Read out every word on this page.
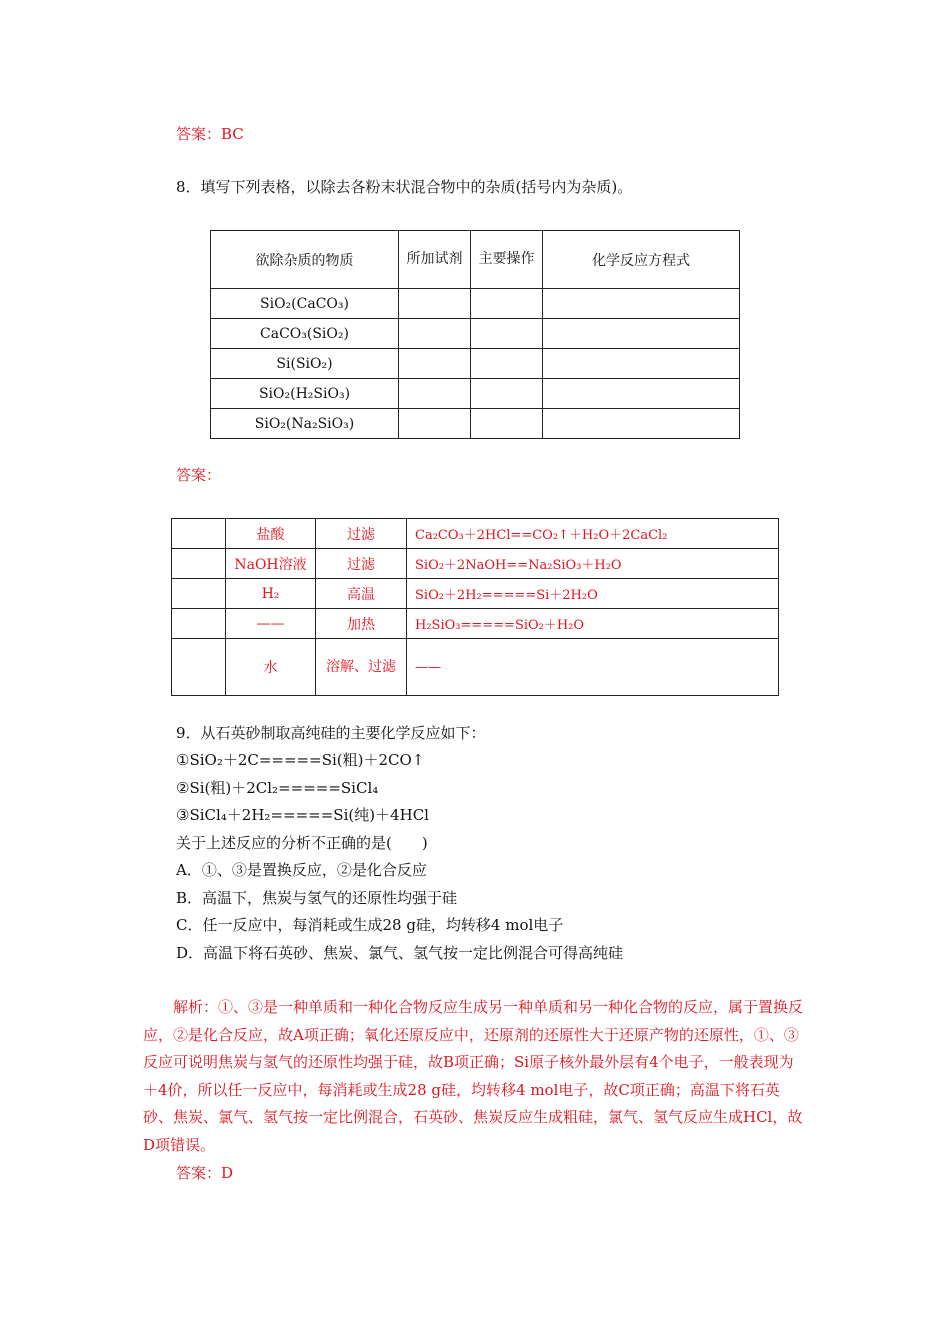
答案：BC
8．填写下列表格，以除去各粉末状混合物中的杂质(括号内为杂质)。
欲除杂质的物质	所加试剂	主要操作	化学反应方程式
SiO₂(CaCO₃)			
CaCO₃(SiO₂)			
Si(SiO₂)			
SiO₂(H₂SiO₃)			
SiO₂(Na₂SiO₃)			
答案：
	盐酸	过滤	Ca₂CO₃＋2HCl==CO₂↑＋H₂O＋2CaCl₂
	NaOH溶液	过滤	SiO₂＋2NaOH==Na₂SiO₃＋H₂O
	H₂	高温	SiO₂＋2H₂=====Si＋2H₂O
	——	加热	H₂SiO₃=====SiO₂＋H₂O
	水	溶解、过滤	——
9．从石英砂制取高纯硅的主要化学反应如下：
①SiO₂＋2C=====Si(粗)＋2CO↑
②Si(粗)＋2Cl₂=====SiCl₄
③SiCl₄＋2H₂=====Si(纯)＋4HCl
关于上述反应的分析不正确的是(　　)
A．①、③是置换反应，②是化合反应
B．高温下，焦炭与氢气的还原性均强于硅
C．任一反应中，每消耗或生成28 g硅，均转移4 mol电子
D．高温下将石英砂、焦炭、氯气、氢气按一定比例混合可得高纯硅
　　解析：①、③是一种单质和一种化合物反应生成另一种单质和另一种化合物的反应，属于置换反应，②是化合反应，故A项正确；氧化还原反应中，还原剂的还原性大于还原产物的还原性，①、③反应可说明焦炭与氢气的还原性均强于硅，故B项正确；Si原子核外最外层有4个电子，一般表现为＋4价，所以任一反应中，每消耗或生成28 g硅，均转移4 mol电子，故C项正确；高温下将石英砂、焦炭、氯气、氢气按一定比例混合，石英砂、焦炭反应生成粗硅，氯气、氢气反应生成HCl，故D项错误。
答案：D
